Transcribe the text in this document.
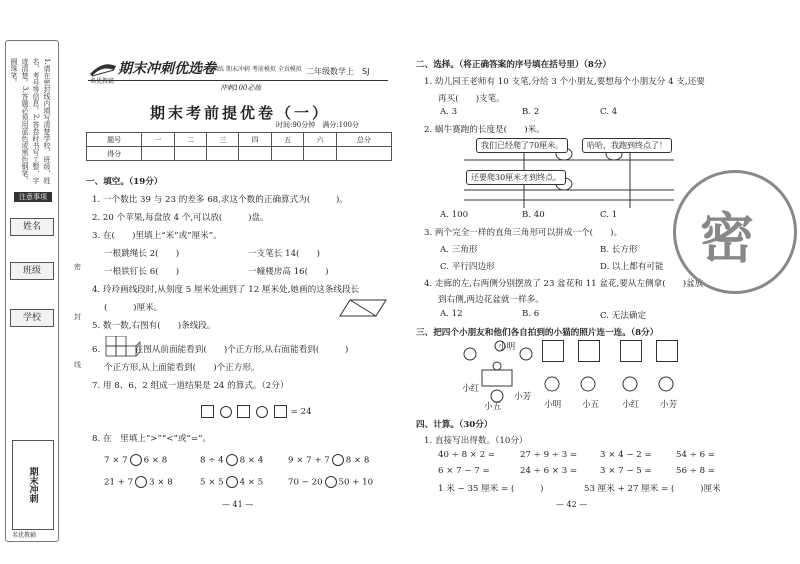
1.请在密封线内填写清楚学校、班级、姓名、考号等信息。2.答卷时书写工整、字迹清楚。3.答题必须用蓝色或黑色钢笔、圆珠笔。
注意事项
姓名
班级
学校
密
封
线
期末冲刺
名优教辅
期末冲刺优选卷
名优教辅
专项训练 期末冲刺 考前模拟 全真模拟 二年级数学上　SJ
冲刺100必练
期末考前提优卷（一）
时间:90分钟　满分:100分
题号	一	二	三	四	五	六	总分
得分							
一、填空。（19分）
1. 一个数比 39 与 23 的差多 68,求这个数的正确算式为(　　　)。
2. 20 个苹果,每盘放 4 个,可以放(　　　)盘。
3. 在(　　)里填上“米”或“厘米”。
一根跳绳长 2(　　)	一支笔长 14(　　)
一根铁钉长 6(　　)	一幢楼房高 16(　　)
4. 玲玲画线段时,从刻度 5 厘米处画到了 12 厘米处,她画的这条线段长
(　　　)厘米。
5. 数一数,右图有(　　)条线段。
6.　　　　在图从前面能看到(　　)个正方形,从右面能看到(　　　)
个正方形,从上面能看到(　　)个正方形。
7. 用 8、6、2 组成一道结果是 24 的算式。（2分）
= 24
8. 在　里填上“>”“<”或“=”。
7 × 7 6 × 8	8 ÷ 4 8 × 4	9 × 7 + 7 8 × 8
21 + 7 3 × 8	5 × 5 4 × 5	70 − 20 50 + 10
— 41 —
二、选择。（将正确答案的序号填在括号里）（8分）
1. 幼儿园王老师有 10 支笔,分给 3 个小朋友,要想每个小朋友分 4 支,还要
再买(　　)支笔。
A. 3	B. 2	C. 4
2. 蜗牛赛跑的长度是(　　)米。
我们已经爬了70厘米。	哈哈，我跑到终点了！
还要爬30厘米才到终点。
A. 100	B. 40	C. 1
3. 两个完全一样的直角三角形可以拼成一个(　　)。
A. 三角形	B. 长方形
C. 平行四边形	D. 以上都有可能
4. 走廊的左,右两侧分别摆放了 23 盆花和 11 盆花,要从左侧拿(　　)盆放
到右侧,两边花盆就一样多。
A. 12	B. 6	C. 无法确定
三、把四个小朋友和他们各自拍到的小猫的照片连一连。（8分）
小明
小红
小五
小芳
小明 小五	小红 小芳
四、计算。（30分）
1. 直接写出得数。（10分）
40 ÷ 8 × 2 =	27 ÷ 9 ÷ 3 =	3 × 4 − 2 =	54 ÷ 6 =
6 × 7 − 7 =	24 ÷ 6 × 3 =	3 × 7 − 5 =	56 ÷ 8 =
1 米 − 35 厘米 = (　　　)	53 厘米 + 27 厘米 = (　　　)厘米
— 42 —
密
